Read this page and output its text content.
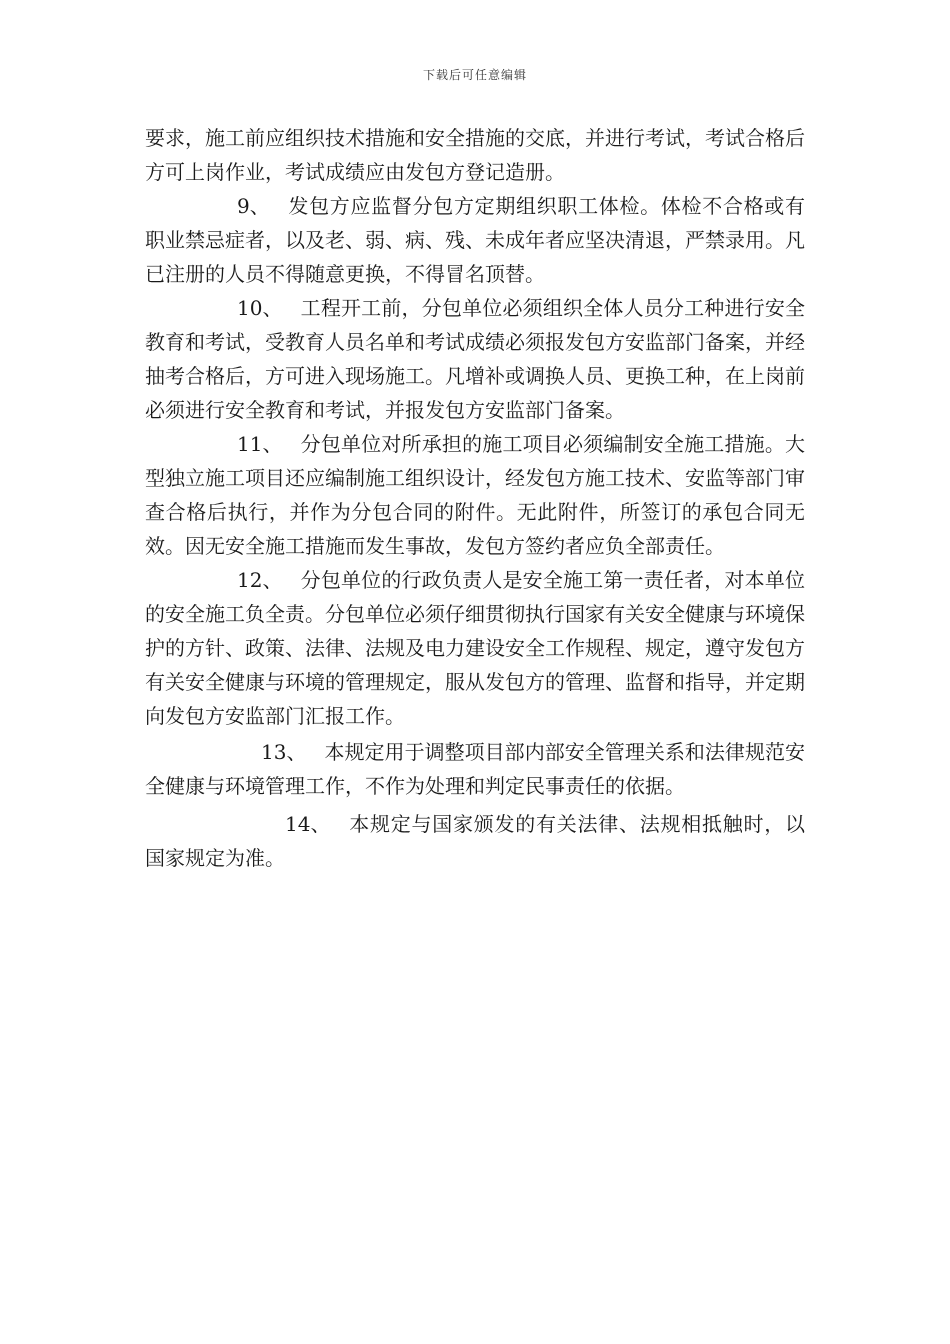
下载后可任意编辑

要求，施工前应组织技术措施和安全措施的交底，并进行考试，考试合格后方可上岗作业，考试成绩应由发包方登记造册。

9、 发包方应监督分包方定期组织职工体检。体检不合格或有职业禁忌症者，以及老、弱、病、残、未成年者应坚决清退，严禁录用。凡已注册的人员不得随意更换，不得冒名顶替。

10、 工程开工前，分包单位必须组织全体人员分工种进行安全教育和考试，受教育人员名单和考试成绩必须报发包方安监部门备案，并经抽考合格后，方可进入现场施工。凡增补或调换人员、更换工种，在上岗前必须进行安全教育和考试，并报发包方安监部门备案。

11、 分包单位对所承担的施工项目必须编制安全施工措施。大型独立施工项目还应编制施工组织设计，经发包方施工技术、安监等部门审查合格后执行，并作为分包合同的附件。无此附件，所签订的承包合同无效。因无安全施工措施而发生事故，发包方签约者应负全部责任。

12、 分包单位的行政负责人是安全施工第一责任者，对本单位的安全施工负全责。分包单位必须仔细贯彻执行国家有关安全健康与环境保护的方针、政策、法律、法规及电力建设安全工作规程、规定，遵守发包方有关安全健康与环境的管理规定，服从发包方的管理、监督和指导，并定期向发包方安监部门汇报工作。

13、 本规定用于调整项目部内部安全管理关系和法律规范安全健康与环境管理工作，不作为处理和判定民事责任的依据。

14、 本规定与国家颁发的有关法律、法规相抵触时，以国家规定为准。
